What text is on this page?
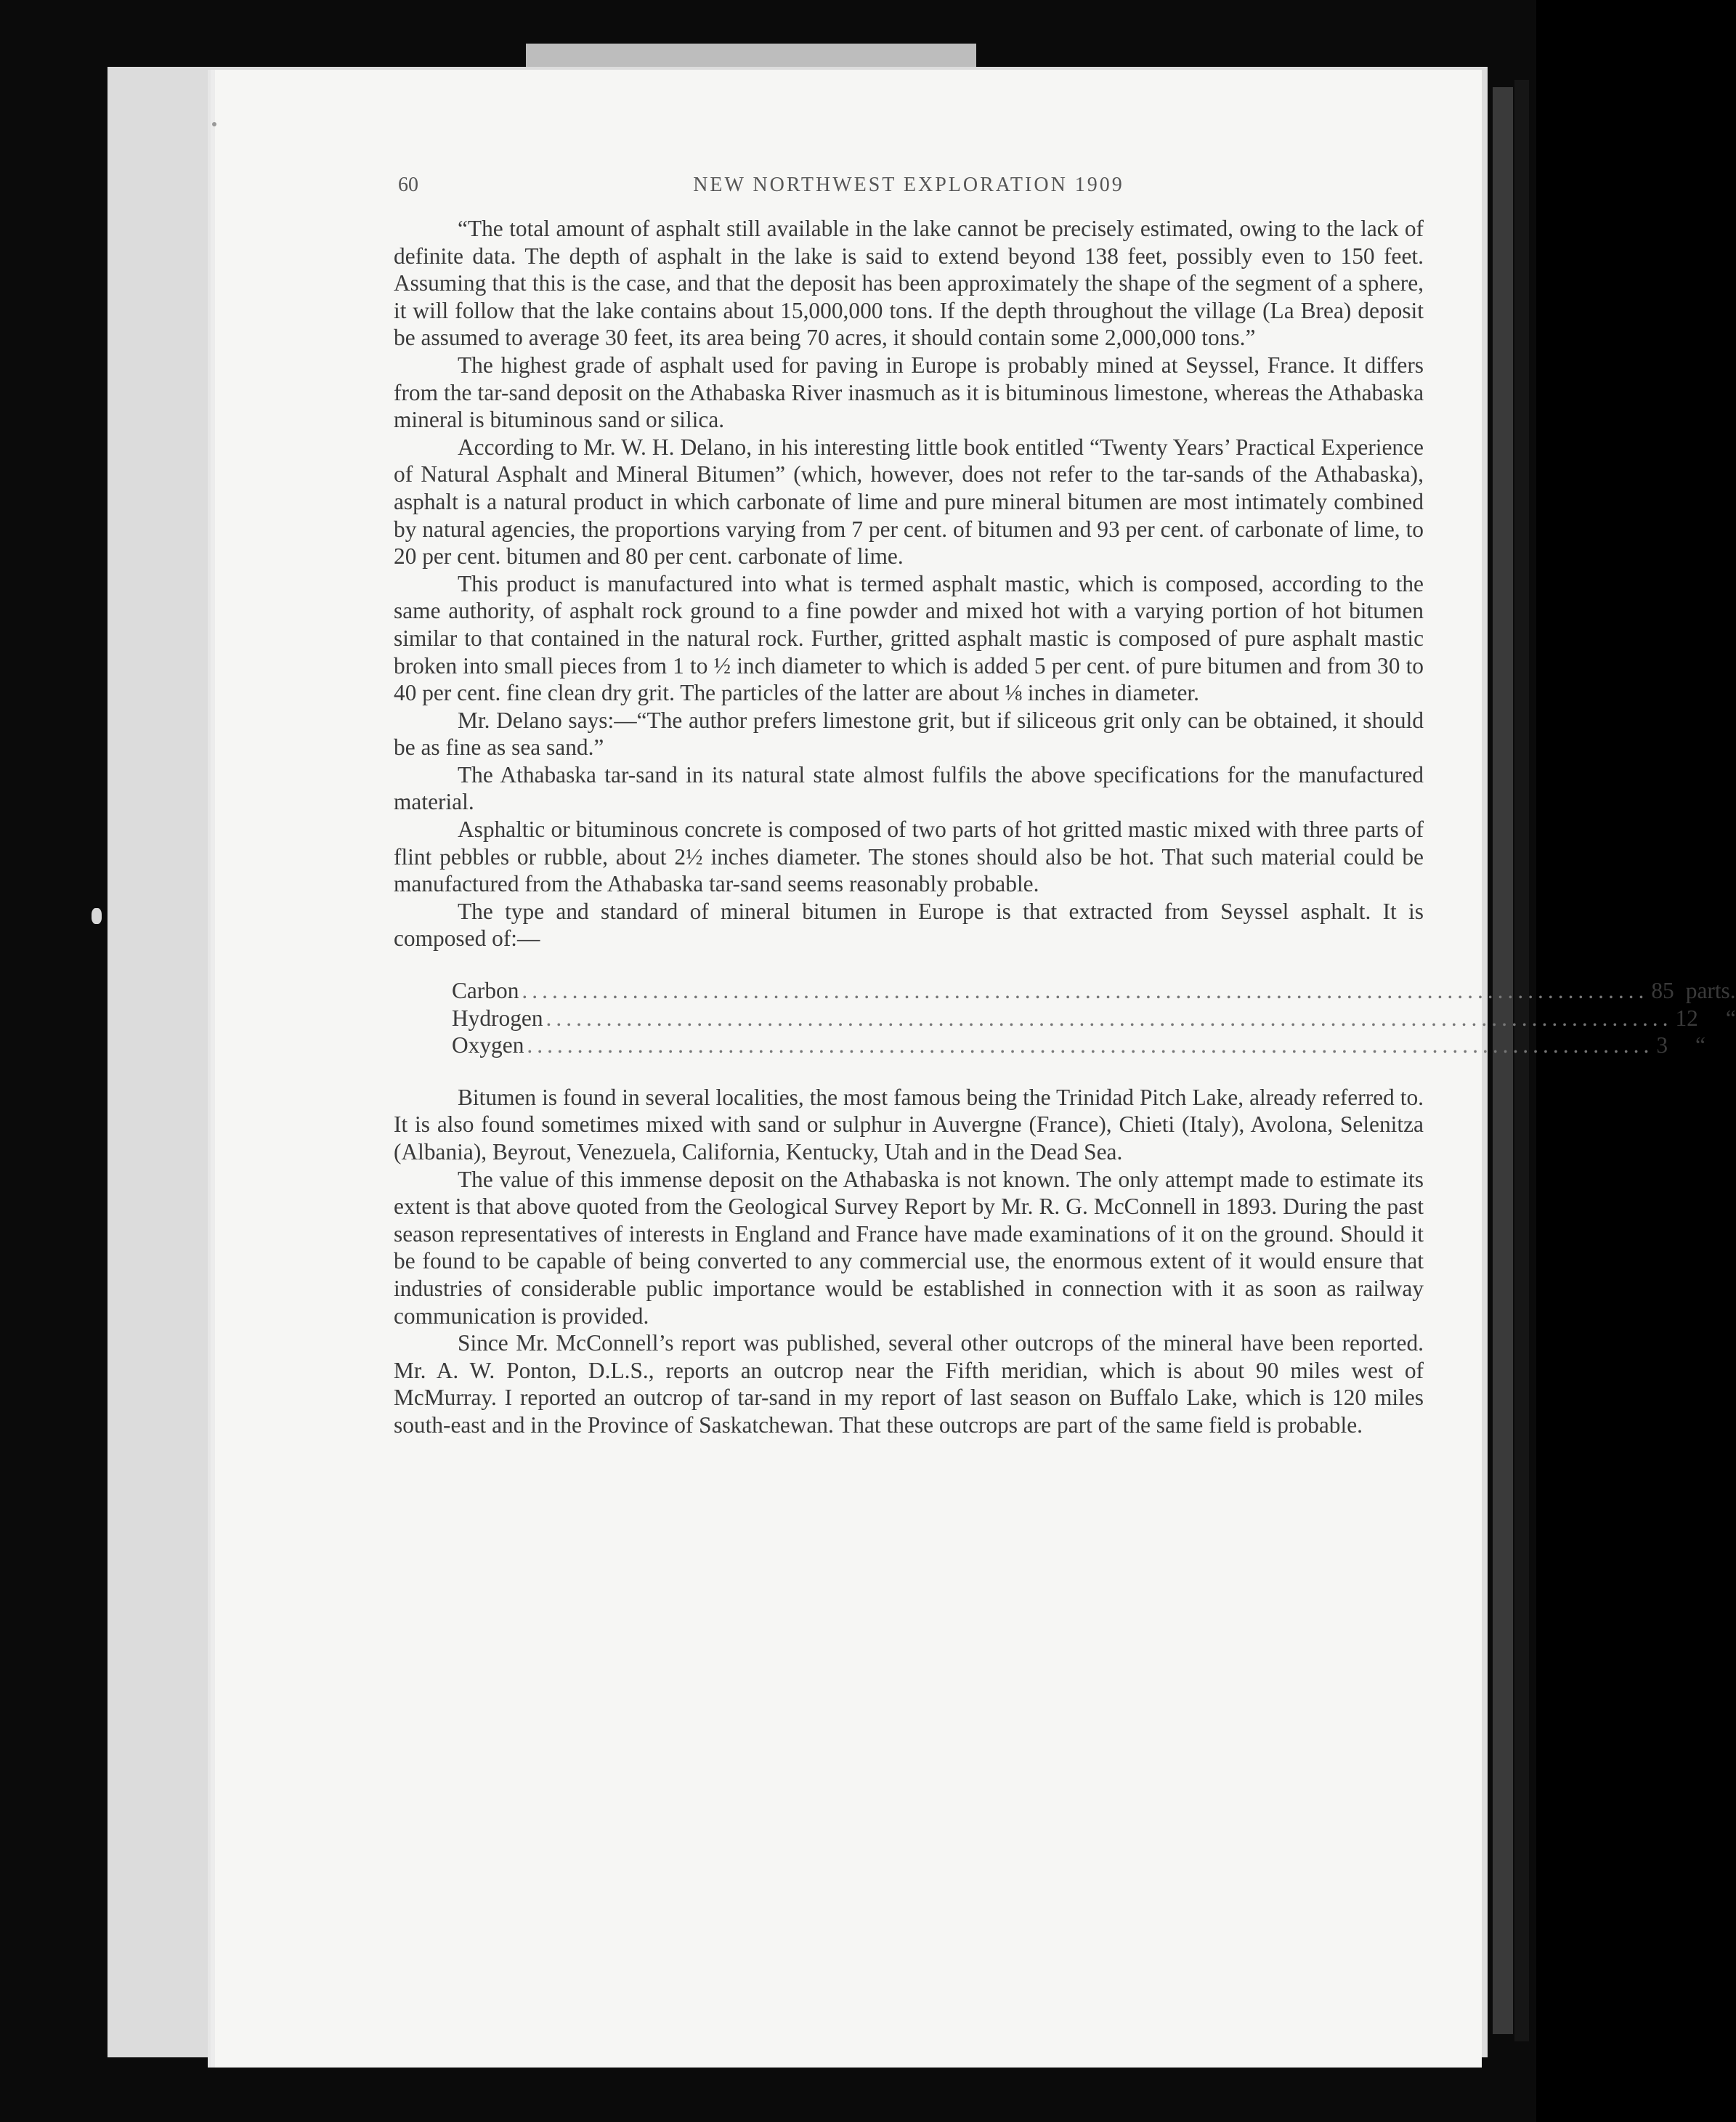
60	NEW NORTHWEST EXPLORATION 1909

“The total amount of asphalt still available in the lake cannot be precisely estimated, owing to the lack of definite data. The depth of asphalt in the lake is said to extend beyond 138 feet, possibly even to 150 feet. Assuming that this is the case, and that the deposit has been approximately the shape of the segment of a sphere, it will follow that the lake contains about 15,000,000 tons. If the depth throughout the village (La Brea) deposit be assumed to average 30 feet, its area being 70 acres, it should contain some 2,000,000 tons.”

The highest grade of asphalt used for paving in Europe is probably mined at Seyssel, France. It differs from the tar-sand deposit on the Athabaska River inasmuch as it is bituminous limestone, whereas the Athabaska mineral is bituminous sand or silica.

According to Mr. W. H. Delano, in his interesting little book entitled “Twenty Years’ Practical Experience of Natural Asphalt and Mineral Bitumen” (which, however, does not refer to the tar-sands of the Athabaska), asphalt is a natural product in which carbonate of lime and pure mineral bitumen are most intimately combined by natural agencies, the proportions varying from 7 per cent. of bitumen and 93 per cent. of carbonate of lime, to 20 per cent. bitumen and 80 per cent. carbonate of lime.

This product is manufactured into what is termed asphalt mastic, which is composed, according to the same authority, of asphalt rock ground to a fine powder and mixed hot with a varying portion of hot bitumen similar to that contained in the natural rock. Further, gritted asphalt mastic is composed of pure asphalt mastic broken into small pieces from 1 to ½ inch diameter to which is added 5 per cent. of pure bitumen and from 30 to 40 per cent. fine clean dry grit. The particles of the latter are about ⅛ inches in diameter.

Mr. Delano says:—“The author prefers limestone grit, but if siliceous grit only can be obtained, it should be as fine as sea sand.”

The Athabaska tar-sand in its natural state almost fulfils the above specifications for the manufactured material.

Asphaltic or bituminous concrete is composed of two parts of hot gritted mastic mixed with three parts of flint pebbles or rubble, about 2½ inches diameter. The stones should also be hot. That such material could be manufactured from the Athabaska tar-sand seems reasonably probable.

The type and standard of mineral bitumen in Europe is that extracted from Seyssel asphalt. It is composed of:—

Carbon ................................................................................................................ 85 parts.
Hydrogen ................................................................................................................ 12	“
Oxygen ................................................................................................................ 3	“

Bitumen is found in several localities, the most famous being the Trinidad Pitch Lake, already referred to. It is also found sometimes mixed with sand or sulphur in Auvergne (France), Chieti (Italy), Avolona, Selenitza (Albania), Beyrout, Venezuela, California, Kentucky, Utah and in the Dead Sea.

The value of this immense deposit on the Athabaska is not known. The only attempt made to estimate its extent is that above quoted from the Geological Survey Report by Mr. R. G. McConnell in 1893. During the past season representatives of interests in England and France have made examinations of it on the ground. Should it be found to be capable of being converted to any commercial use, the enormous extent of it would ensure that industries of considerable public importance would be established in connection with it as soon as railway communication is provided.

Since Mr. McConnell’s report was published, several other outcrops of the mineral have been reported. Mr. A. W. Ponton, D.L.S., reports an outcrop near the Fifth meridian, which is about 90 miles west of McMurray. I reported an outcrop of tar-sand in my report of last season on Buffalo Lake, which is 120 miles south-east and in the Province of Saskatchewan. That these outcrops are part of the same field is probable.
